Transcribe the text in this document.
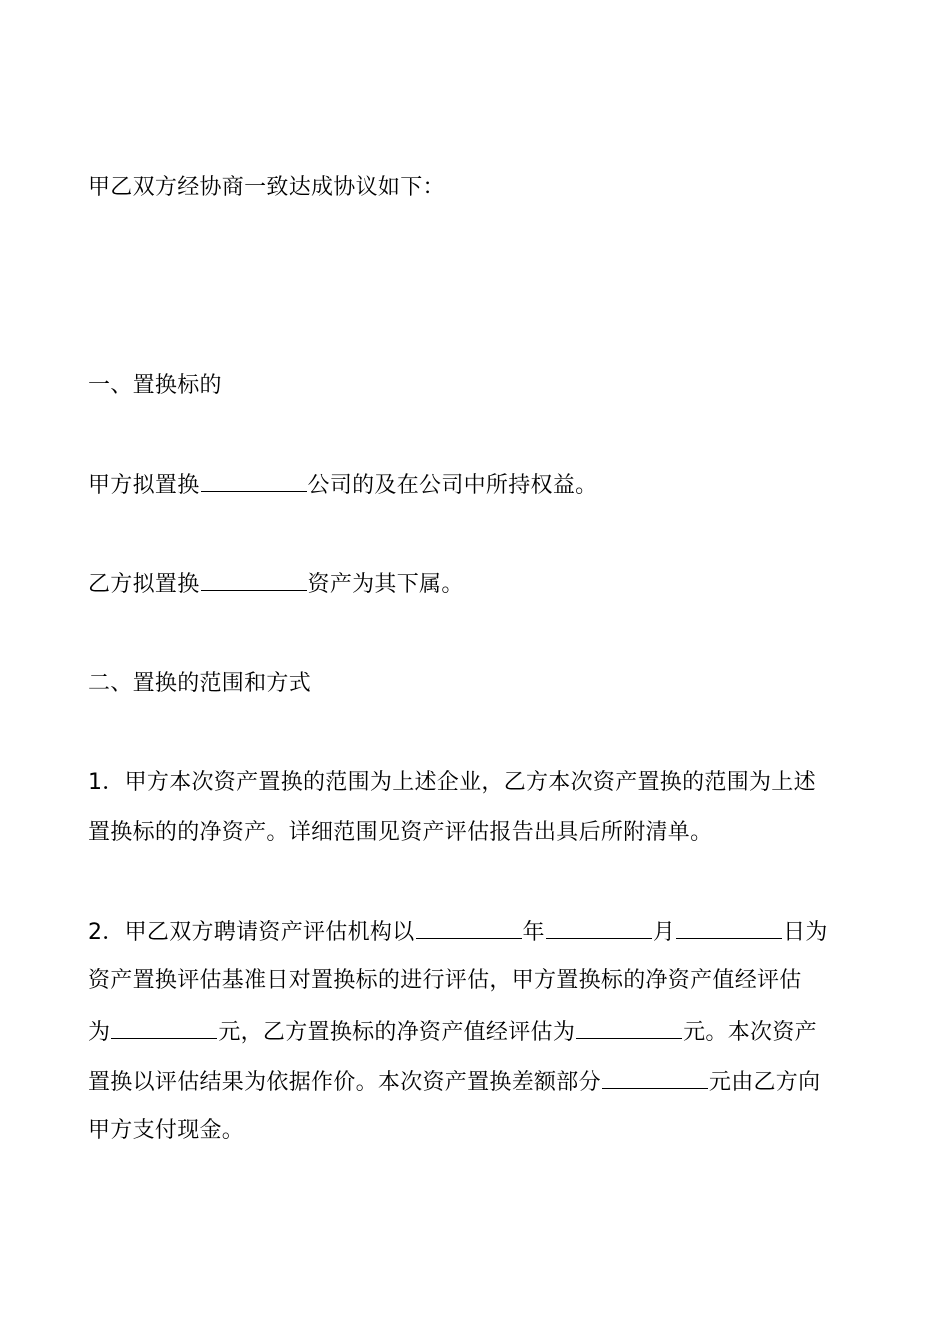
甲乙双方经协商一致达成协议如下：
一、置换标的
甲方拟置换	公司的及在公司中所持权益。
乙方拟置换	资产为其下属。
二、置换的范围和方式
1．甲方本次资产置换的范围为上述企业，乙方本次资产置换的范围为上述
置换标的的净资产。详细范围见资产评估报告出具后所附清单。
2．甲乙双方聘请资产评估机构以	年	月	日为
资产置换评估基准日对置换标的进行评估，甲方置换标的净资产值经评估
为	元，乙方置换标的净资产值经评估为	元。本次资产
置换以评估结果为依据作价。本次资产置换差额部分	元由乙方向
甲方支付现金。
